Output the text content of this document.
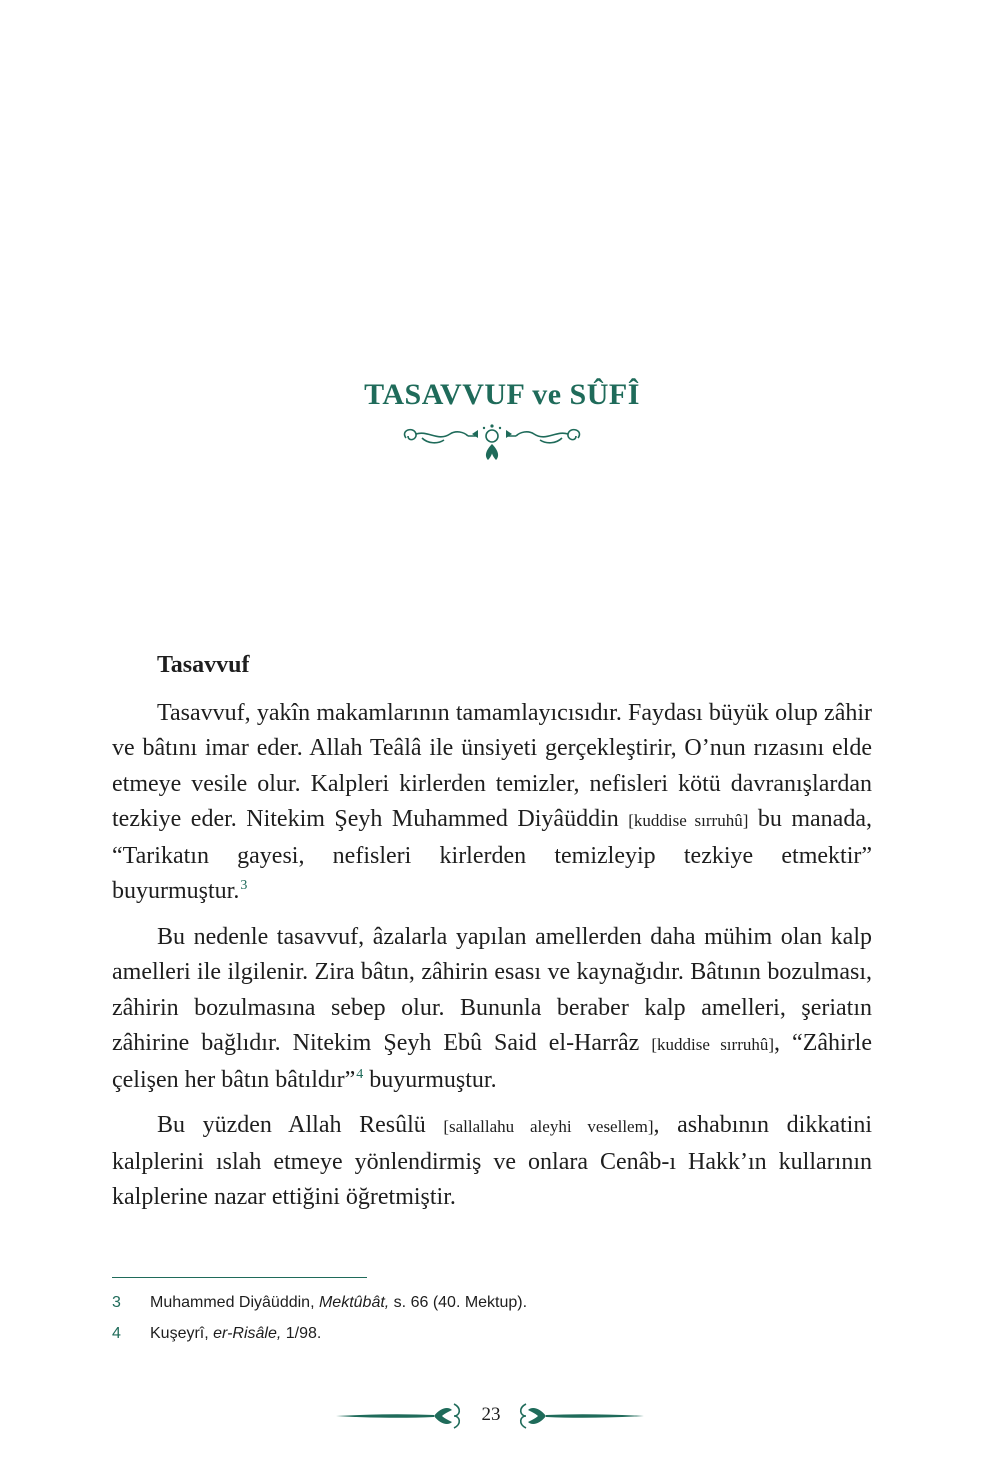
TASAVVUF ve SÛFÎ
Tasavvuf

Tasavvuf, yakîn makamlarının tamamlayıcısıdır. Faydası büyük olup zâhir ve bâtını imar eder. Allah Teâlâ ile ünsiyeti gerçekleştirir, O’nun rızasını elde etmeye vesile olur. Kalpleri kirlerden temizler, nefisleri kötü davranışlardan tezkiye eder. Nitekim Şeyh Muhammed Diyâüddin [kuddise sırruhû] bu manada, “Tarikatın gayesi, nefisleri kirlerden temizleyip tezkiye etmektir” buyurmuştur.$^3$

Bu nedenle tasavvuf, âzalarla yapılan amellerden daha mühim olan kalp amelleri ile ilgilenir. Zira bâtın, zâhirin esası ve kaynağıdır. Bâtının bozulması, zâhirin bozulmasına sebep olur. Bununla beraber kalp amelleri, şeriatın zâhirine bağlıdır. Nitekim Şeyh Ebû Said el-Harrâz [kuddise sırruhû], “Zâhirle çelişen her bâtın bâtıldır”$^4$ buyurmuştur.

Bu yüzden Allah Resûlü [sallallahu aleyhi vesellem], ashabının dikkatini kalplerini ıslah etmeye yönlendirmiş ve onlara Cenâb-ı Hakk’ın kullarının kalplerine nazar ettiğini öğretmiştir.

3 Muhammed Diyâüddin, Mektûbât, s. 66 (40. Mektup).
4 Kuşeyrî, er-Risâle, 1/98.
23
